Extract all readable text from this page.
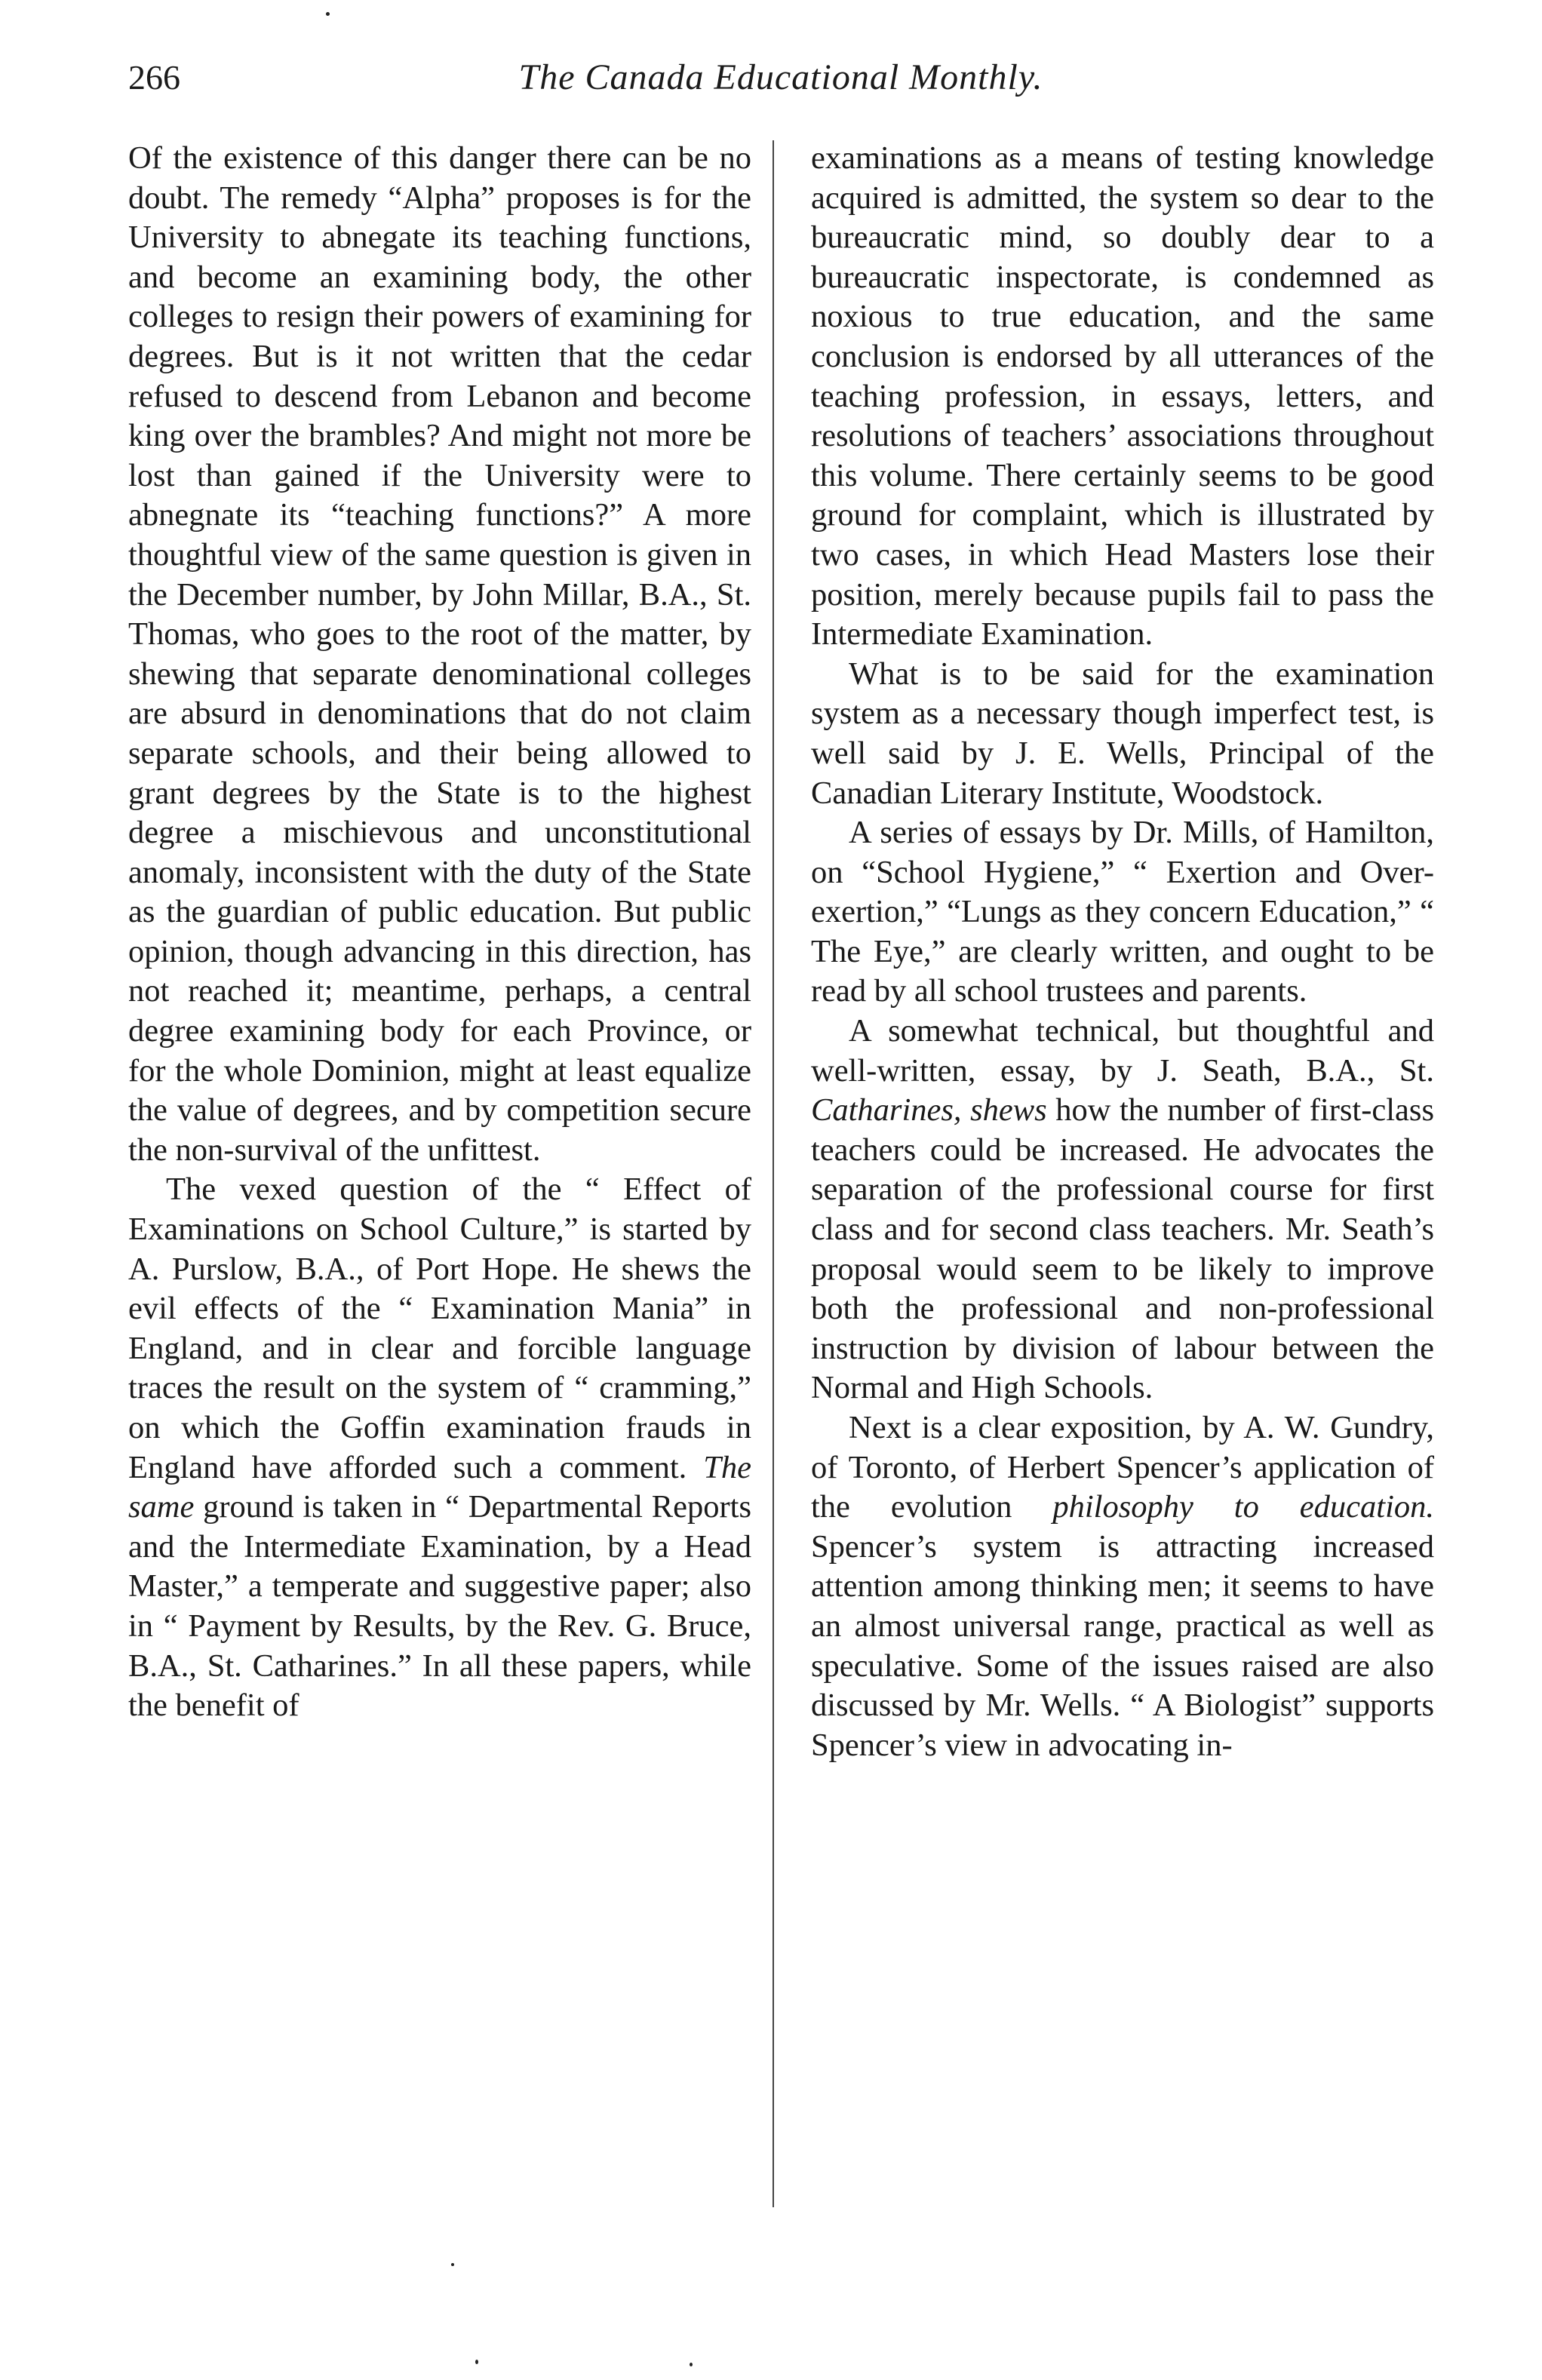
266	The Canada Educational Monthly.

Of the existence of this danger there can be no doubt. The remedy “Alpha” proposes is for the University to abnegate its teaching functions, and become an examining body, the other colleges to resign their powers of examining for degrees. But is it not written that the cedar refused to descend from Lebanon and become king over the brambles? And might not more be lost than gained if the University were to abnegnate its “teaching functions?” A more thoughtful view of the same question is given in the December number, by John Millar, B.A., St. Thomas, who goes to the root of the matter, by shewing that separate denominational colleges are absurd in denominations that do not claim separate schools, and their being allowed to grant degrees by the State is to the highest degree a mischievous and unconstitutional anomaly, inconsistent with the duty of the State as the guardian of public education. But public opinion, though advancing in this direction, has not reached it; meantime, perhaps, a central degree examining body for each Province, or for the whole Dominion, might at least equalize the value of degrees, and by competition secure the non-survival of the unfittest.

The vexed question of the “ Effect of Examinations on School Culture,” is started by A. Purslow, B.A., of Port Hope. He shews the evil effects of the “ Examination Mania” in England, and in clear and forcible language traces the result on the system of “ cramming,” on which the Goffin examination frauds in England have afforded such a comment. The same ground is taken in “ Departmental Reports and the Intermediate Examination, by a Head Master,” a temperate and suggestive paper; also in “ Payment by Results, by the Rev. G. Bruce, B.A., St. Catharines.” In all these papers, while the benefit of

examinations as a means of testing knowledge acquired is admitted, the system so dear to the bureaucratic mind, so doubly dear to a bureaucratic inspectorate, is condemned as noxious to true education, and the same conclusion is endorsed by all utterances of the teaching profession, in essays, letters, and resolutions of teachers’ associations throughout this volume. There certainly seems to be good ground for complaint, which is illustrated by two cases, in which Head Masters lose their position, merely because pupils fail to pass the Intermediate Examination.

What is to be said for the examination system as a necessary though imperfect test, is well said by J. E. Wells, Principal of the Canadian Literary Institute, Woodstock.

A series of essays by Dr. Mills, of Hamilton, on “School Hygiene,” “ Exertion and Over-exertion,” “Lungs as they concern Education,” “ The Eye,” are clearly written, and ought to be read by all school trustees and parents.

A somewhat technical, but thoughtful and well-written, essay, by J. Seath, B.A., St. Catharines, shews how the number of first-class teachers could be increased. He advocates the separation of the professional course for first class and for second class teachers. Mr. Seath’s proposal would seem to be likely to improve both the professional and non-professional instruction by division of labour between the Normal and High Schools.

Next is a clear exposition, by A. W. Gundry, of Toronto, of Herbert Spencer’s application of the evolution philosophy to education. Spencer’s system is attracting increased attention among thinking men; it seems to have an almost universal range, practical as well as speculative. Some of the issues raised are also discussed by Mr. Wells. “ A Biologist” supports Spencer’s view in advocating in-
